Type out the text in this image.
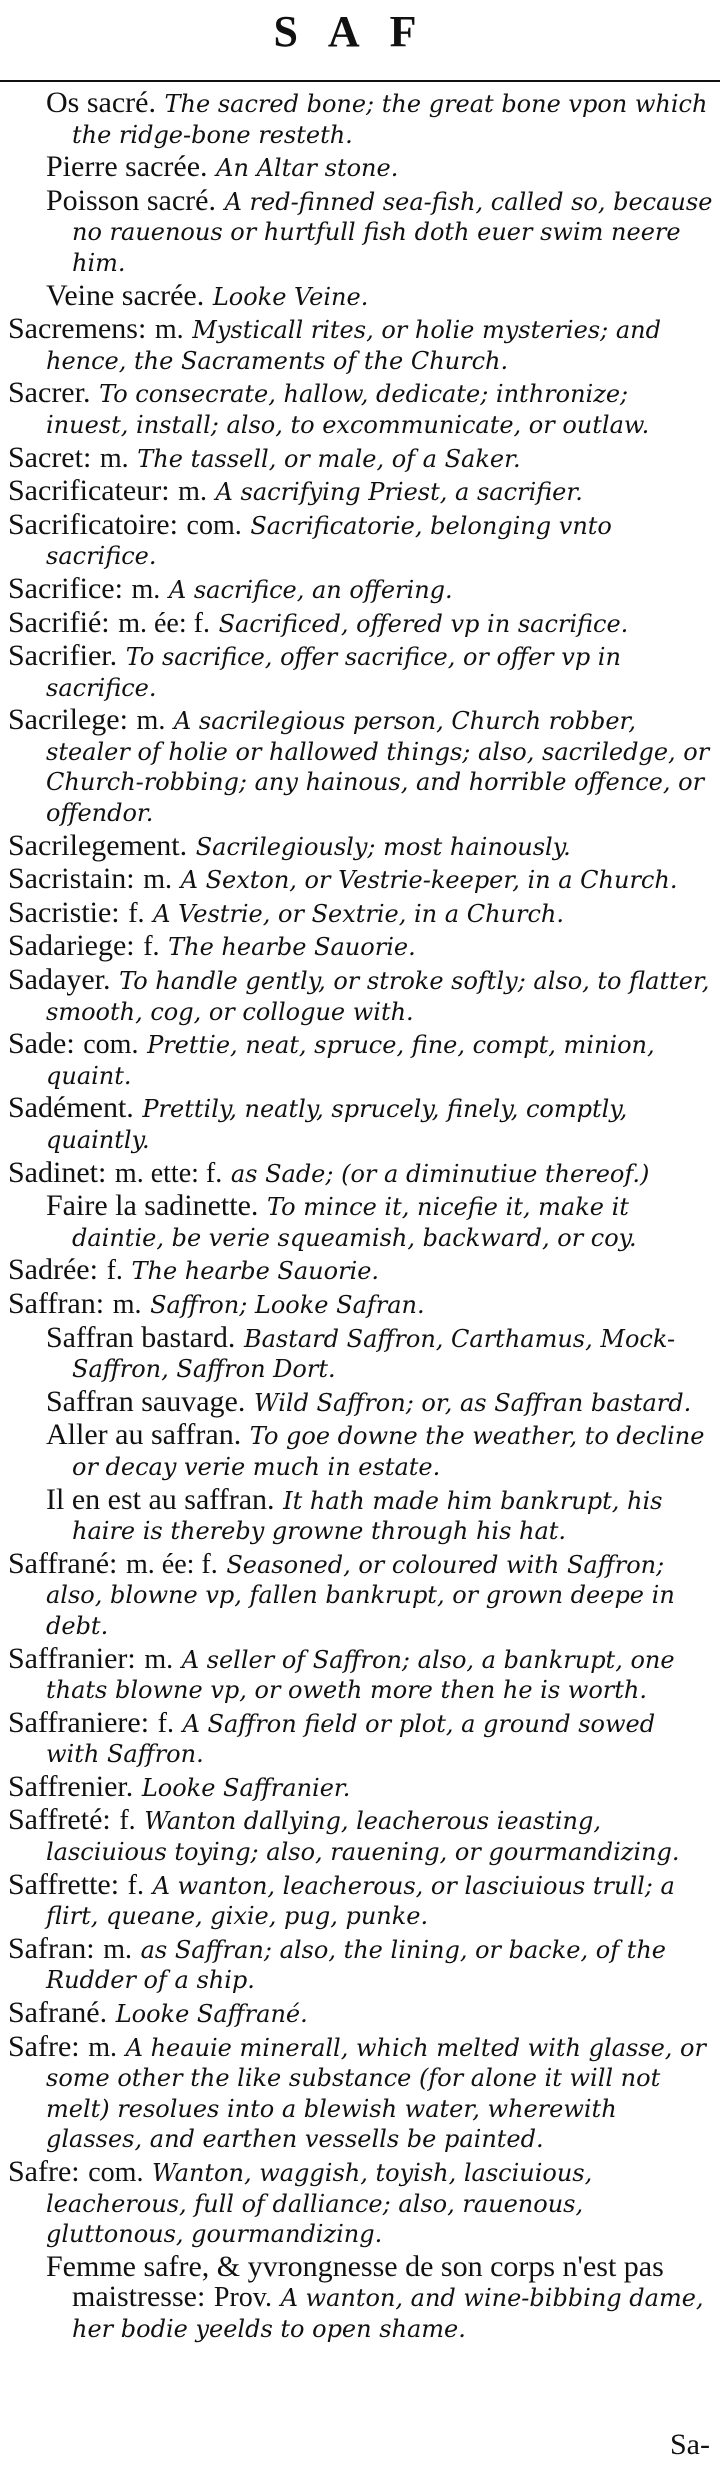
SAF
Os sacré. The sacred bone; the great bone vpon which the ridge-bone resteth.
Pierre sacrée. An Altar stone.
Poisson sacré. A red-finned sea-fish, called so, because no rauenous or hurtfull fish doth euer swim neere him.
Veine sacrée. Looke Veine.
Sacremens: m. Mysticall rites, or holie mysteries; and hence, the Sacraments of the Church.
Sacrer. To consecrate, hallow, dedicate; inthronize; inuest, install; also, to excommunicate, or outlaw.
Sacret: m. The tassell, or male, of a Saker.
Sacrificateur: m. A sacrifying Priest, a sacrifier.
Sacrificatoire: com. Sacrificatorie, belonging vnto sacrifice.
Sacrifice: m. A sacrifice, an offering.
Sacrifié: m. ée: f. Sacrificed, offered vp in sacrifice.
Sacrifier. To sacrifice, offer sacrifice, or offer vp in sacrifice.
Sacrilege: m. A sacrilegious person, Church robber, stealer of holie or hallowed things; also, sacriledge, or Church-robbing; any hainous, and horrible offence, or offendor.
Sacrilegement. Sacrilegiously; most hainously.
Sacristain: m. A Sexton, or Vestrie-keeper, in a Church.
Sacristie: f. A Vestrie, or Sextrie, in a Church.
Sadariege: f. The hearbe Sauorie.
Sadayer. To handle gently, or stroke softly; also, to flatter, smooth, cog, or collogue with.
Sade: com. Prettie, neat, spruce, fine, compt, minion, quaint.
Sadément. Prettily, neatly, sprucely, finely, comptly, quaintly.
Sadinet: m. ette: f. as Sade; (or a diminutiue thereof.)
Faire la sadinette. To mince it, nicefie it, make it daintie, be verie squeamish, backward, or coy.
Sadrée: f. The hearbe Sauorie.
Saffran: m. Saffron; Looke Safran.
Saffran bastard. Bastard Saffron, Carthamus, Mock-Saffron, Saffron Dort.
Saffran sauvage. Wild Saffron; or, as Saffran bastard.
Aller au saffran. To goe downe the weather, to decline or decay verie much in estate.
Il en est au saffran. It hath made him bankrupt, his haire is thereby growne through his hat.
Saffrané: m. ée: f. Seasoned, or coloured with Saffron; also, blowne vp, fallen bankrupt, or grown deepe in debt.
Saffranier: m. A seller of Saffron; also, a bankrupt, one thats blowne vp, or oweth more then he is worth.
Saffraniere: f. A Saffron field or plot, a ground sowed with Saffron.
Saffrenier. Looke Saffranier.
Saffreté: f. Wanton dallying, leacherous ieasting, lasciuious toying; also, rauening, or gourmandizing.
Saffrette: f. A wanton, leacherous, or lasciuious trull; a flirt, queane, gixie, pug, punke.
Safran: m. as Saffran; also, the lining, or backe, of the Rudder of a ship.
Safrané. Looke Saffrané.
Safre: m. A heauie minerall, which melted with glasse, or some other the like substance (for alone it will not melt) resolues into a blewish water, wherewith glasses, and earthen vessells be painted.
Safre: com. Wanton, waggish, toyish, lasciuious, leacherous, full of dalliance; also, rauenous, gluttonous, gourmandizing.
Femme safre, & yvrongnesse de son corps n'est pas maistresse: Prov. A wanton, and wine-bibbing dame, her bodie yeelds to open shame.
Sa-
